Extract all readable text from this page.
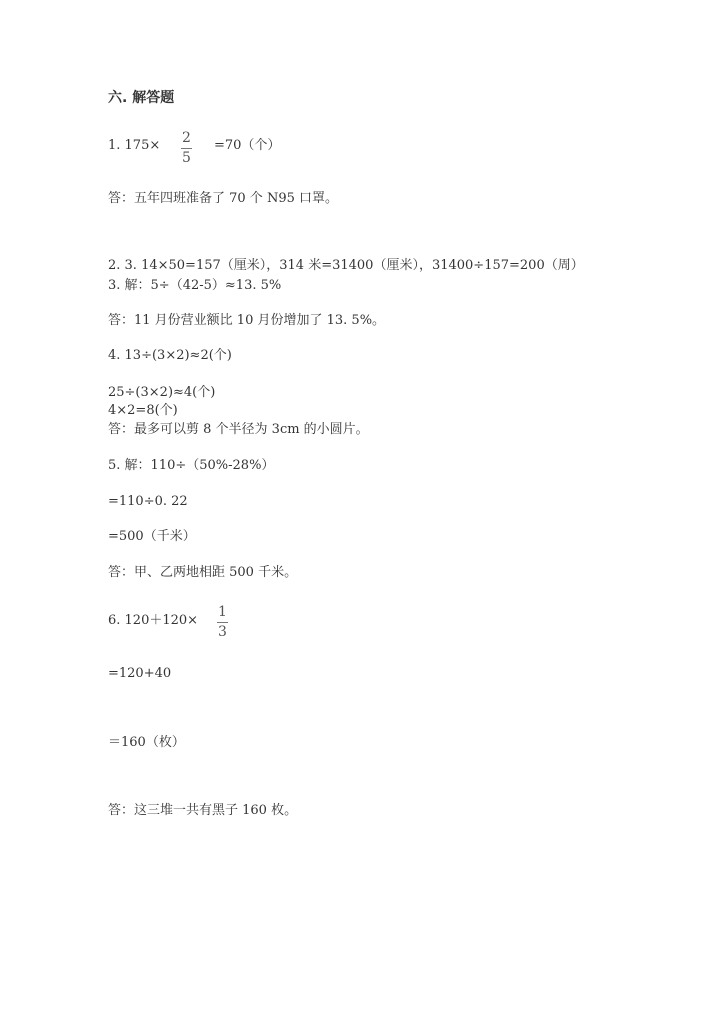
六. 解答题
1. 175× 2
5
=70（个）
答：五年四班准备了 70 个 N95 口罩。
2. 3. 14×50=157（厘米），314 米=31400（厘米），31400÷157=200（周）
3. 解：5÷（42-5）≈13. 5%
答：11 月份营业额比 10 月份增加了 13. 5%。
4. 13÷(3×2)≈2(个)
25÷(3×2)≈4(个)
4×2=8(个)
答：最多可以剪 8 个半径为 3cm 的小圆片。
5. 解：110÷（50%-28%）
=110÷0. 22
=500（千米）
答：甲、乙两地相距 500 千米。
6. 120＋120×
1
3
=120+40
＝160（枚）
答：这三堆一共有黑子 160 枚。
